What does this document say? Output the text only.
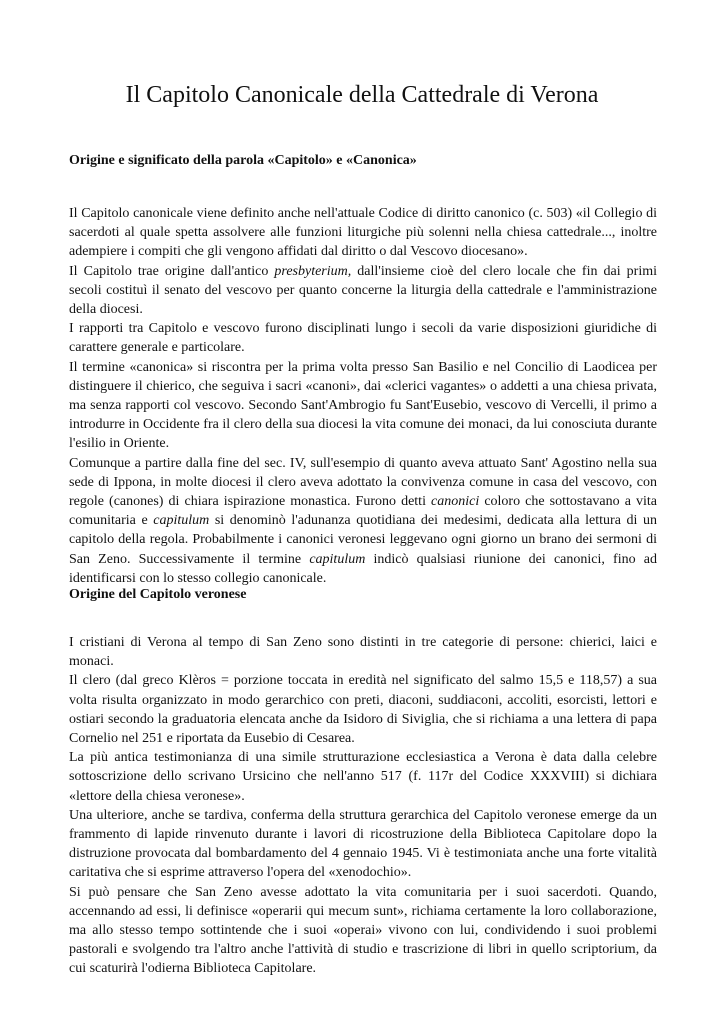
Il Capitolo Canonicale della Cattedrale di Verona
Origine e significato della parola «Capitolo» e «Canonica»

Il Capitolo canonicale viene definito anche nell'attuale Codice di diritto canonico (c. 503) «il Collegio di sacerdoti al quale spetta assolvere alle funzioni liturgiche più solenni nella chiesa cattedrale..., inoltre adempiere i compiti che gli vengono affidati dal diritto o dal Vescovo diocesano».

Il Capitolo trae origine dall'antico presbyterium, dall'insieme cioè del clero locale che fin dai primi secoli costituì il senato del vescovo per quanto concerne la liturgia della cattedrale e l'amministrazione della diocesi.

I rapporti tra Capitolo e vescovo furono disciplinati lungo i secoli da varie disposizioni giuridiche di carattere generale e particolare.

Il termine «canonica» si riscontra per la prima volta presso San Basilio e nel Concilio di Laodicea per distinguere il chierico, che seguiva i sacri «canoni», dai «clerici vagantes» o addetti a una chiesa privata, ma senza rapporti col vescovo. Secondo Sant'Ambrogio fu Sant'Eusebio, vescovo di Vercelli, il primo a introdurre in Occidente fra il clero della sua diocesi la vita comune dei monaci, da lui conosciuta durante l'esilio in Oriente.

Comunque a partire dalla fine del sec. IV, sull'esempio di quanto aveva attuato Sant' Agostino nella sua sede di Ippona, in molte diocesi il clero aveva adottato la convivenza comune in casa del vescovo, con regole (canones) di chiara ispirazione monastica. Furono detti canonici coloro che sottostavano a vita comunitaria e capitulum si denominò l'adunanza quotidiana dei medesimi, dedicata alla lettura di un capitolo della regola. Probabilmente i canonici veronesi leggevano ogni giorno un brano dei sermoni di San Zeno. Successivamente il termine capitulum indicò qualsiasi riunione dei canonici, fino ad identificarsi con lo stesso collegio canonicale.

Origine del Capitolo veronese

I cristiani di Verona al tempo di San Zeno sono distinti in tre categorie di persone: chierici, laici e monaci.

Il clero (dal greco Klèros = porzione toccata in eredità nel significato del salmo 15,5 e 118,57) a sua volta risulta organizzato in modo gerarchico con preti, diaconi, suddiaconi, accoliti, esorcisti, lettori e ostiari secondo la graduatoria elencata anche da Isidoro di Siviglia, che si richiama a una lettera di papa Cornelio nel 251 e riportata da Eusebio di Cesarea.

La più antica testimonianza di una simile strutturazione ecclesiastica a Verona è data dalla celebre sottoscrizione dello scrivano Ursicino che nell'anno 517 (f. 117r del Codice XXXVIII) si dichiara «lettore della chiesa veronese».

Una ulteriore, anche se tardiva, conferma della struttura gerarchica del Capitolo veronese emerge da un frammento di lapide rinvenuto durante i lavori di ricostruzione della Biblioteca Capitolare dopo la distruzione provocata dal bombardamento del 4 gennaio 1945. Vi è testimoniata anche una forte vitalità caritativa che si esprime attraverso l'opera del «xenodochio».

Si può pensare che San Zeno avesse adottato la vita comunitaria per i suoi sacerdoti. Quando, accennando ad essi, li definisce «operarii qui mecum sunt», richiama certamente la loro collaborazione, ma allo stesso tempo sottintende che i suoi «operai» vivono con lui, condividendo i suoi problemi pastorali e svolgendo tra l'altro anche l'attività di studio e trascrizione di libri in quello scriptorium, da cui scaturirà l'odierna Biblioteca Capitolare.
